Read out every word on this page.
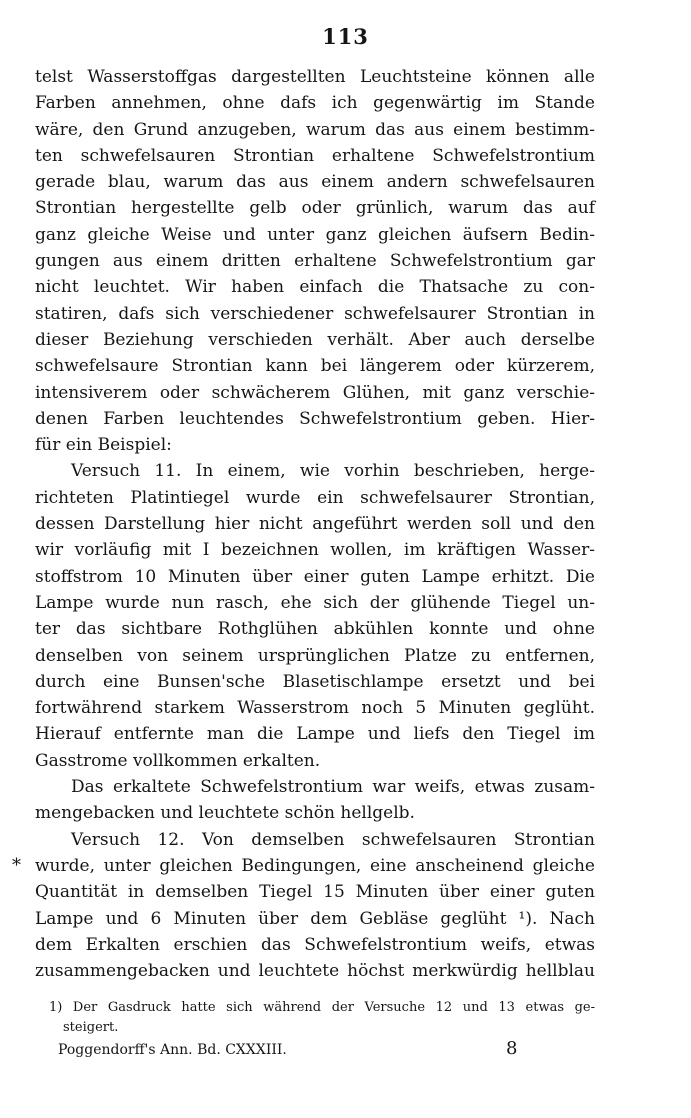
113
telst Wasserstoffgas dargestellten Leuchtsteine können alle
Farben annehmen, ohne dafs ich gegenwärtig im Stande
wäre, den Grund anzugeben, warum das aus einem bestimm-
ten schwefelsauren Strontian erhaltene Schwefelstrontium
gerade blau, warum das aus einem andern schwefelsauren
Strontian hergestellte gelb oder grünlich, warum das auf
ganz gleiche Weise und unter ganz gleichen äufsern Bedin-
gungen aus einem dritten erhaltene Schwefelstrontium gar
nicht leuchtet. Wir haben einfach die Thatsache zu con-
statiren, dafs sich verschiedener schwefelsaurer Strontian in
dieser Beziehung verschieden verhält. Aber auch derselbe
schwefelsaure Strontian kann bei längerem oder kürzerem,
intensiverem oder schwächerem Glühen, mit ganz verschie-
denen Farben leuchtendes Schwefelstrontium geben. Hier-
für ein Beispiel:
Versuch 11. In einem, wie vorhin beschrieben, herge-
richteten Platintiegel wurde ein schwefelsaurer Strontian,
dessen Darstellung hier nicht angeführt werden soll und den
wir vorläufig mit I bezeichnen wollen, im kräftigen Wasser-
stoffstrom 10 Minuten über einer guten Lampe erhitzt. Die
Lampe wurde nun rasch, ehe sich der glühende Tiegel un-
ter das sichtbare Rothglühen abkühlen konnte und ohne
denselben von seinem ursprünglichen Platze zu entfernen,
durch eine Bunsen'sche Blasetischlampe ersetzt und bei
fortwährend starkem Wasserstrom noch 5 Minuten geglüht.
Hierauf entfernte man die Lampe und liefs den Tiegel im
Gasstrome vollkommen erkalten.
Das erkaltete Schwefelstrontium war weifs, etwas zusam-
mengebacken und leuchtete schön hellgelb.
Versuch 12. Von demselben schwefelsauren Strontian
wurde, unter gleichen Bedingungen, eine anscheinend gleiche
Quantität in demselben Tiegel 15 Minuten über einer guten
Lampe und 6 Minuten über dem Gebläse geglüht ¹). Nach
dem Erkalten erschien das Schwefelstrontium weifs, etwas
zusammengebacken und leuchtete höchst merkwürdig hellblau
*
1) Der Gasdruck hatte sich während der Versuche 12 und 13 etwas ge-
steigert.
Poggendorff's Ann. Bd. CXXXIII.	8
